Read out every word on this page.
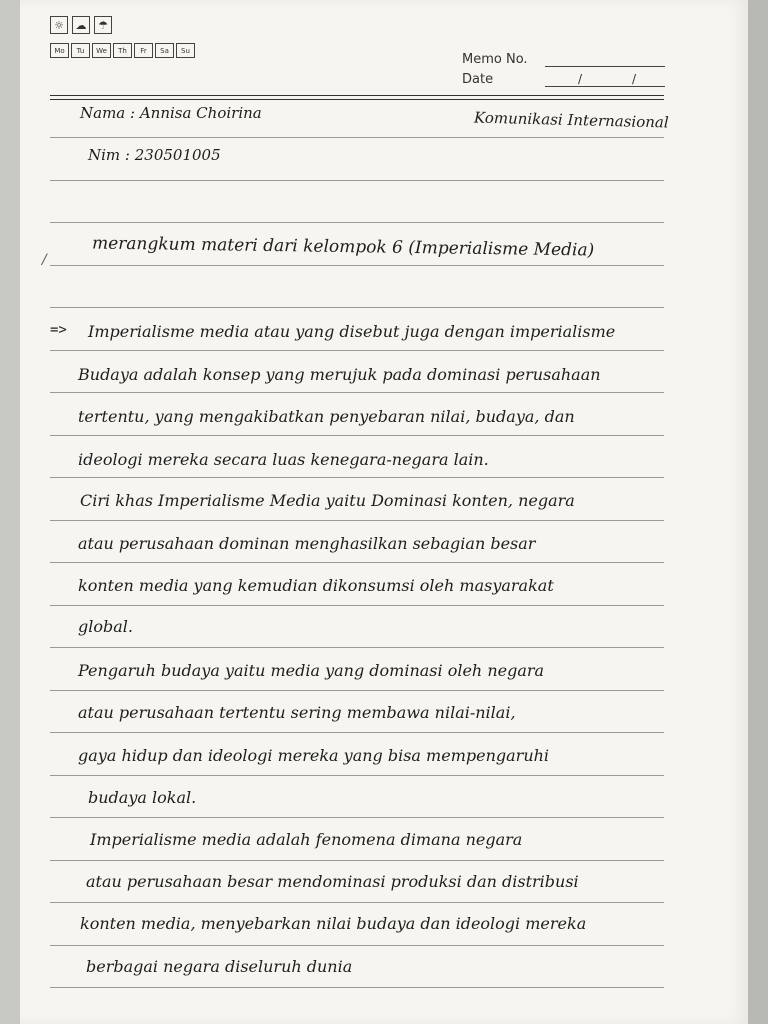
☼	☁	☂
Mo	Tu	We	Th	Fr	Sa	Su
Memo No.
Date	/	/
Nama : Annisa Choirina	Komunikasi Internasional
Nim : 230501005
merangkum materi dari kelompok 6 (Imperialisme Media)
/
=> Imperialisme media atau yang disebut juga dengan imperialisme
Budaya adalah konsep yang merujuk pada dominasi perusahaan
tertentu, yang mengakibatkan penyebaran nilai, budaya, dan
ideologi mereka secara luas kenegara-negara lain.
Ciri khas Imperialisme Media yaitu Dominasi konten, negara
atau perusahaan dominan menghasilkan sebagian besar
konten media yang kemudian dikonsumsi oleh masyarakat
global.
Pengaruh budaya yaitu media yang dominasi oleh negara
atau perusahaan tertentu sering membawa nilai-nilai,
gaya hidup dan ideologi mereka yang bisa mempengaruhi
budaya lokal.
Imperialisme media adalah fenomena dimana negara
atau perusahaan besar mendominasi produksi dan distribusi
konten media, menyebarkan nilai budaya dan ideologi mereka
berbagai negara diseluruh dunia
